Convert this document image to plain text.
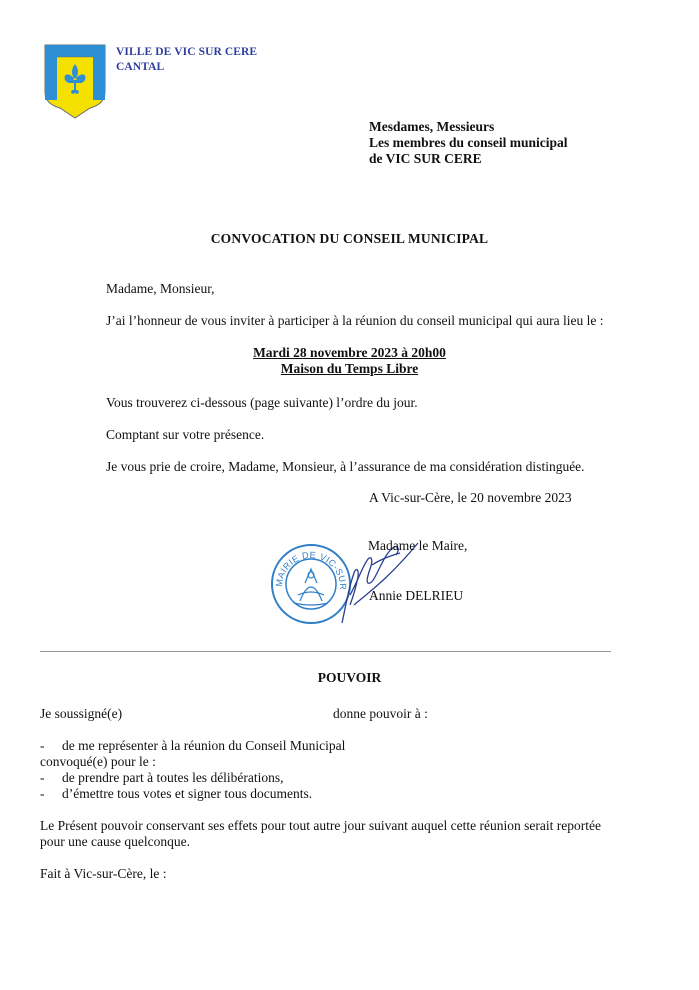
VILLE DE VIC SUR CERE
CANTAL
Mesdames, Messieurs
Les membres du conseil municipal
de VIC SUR CERE
CONVOCATION DU CONSEIL MUNICIPAL
Madame, Monsieur,
J’ai l’honneur de vous inviter à participer à la réunion du conseil municipal qui aura lieu le :
Mardi 28 novembre 2023 à 20h00
Maison du Temps Libre
Vous trouverez ci-dessous (page suivante) l’ordre du jour.
Comptant sur votre présence.
Je vous prie de croire, Madame, Monsieur, à l’assurance de ma considération distinguée.
A Vic-sur-Cère, le 20 novembre 2023
MAIRIE DE VIC-SUR
Madame le Maire,
Annie DELRIEU
POUVOIR
Je soussigné(e)	donne pouvoir à :
- de me représenter à la réunion du Conseil Municipal
convoqué(e) pour le :
- de prendre part à toutes les délibérations,
- d’émettre tous votes et signer tous documents.
Le Présent pouvoir conservant ses effets pour tout autre jour suivant auquel cette réunion serait reportée
pour une cause quelconque.
Fait à Vic-sur-Cère, le :
